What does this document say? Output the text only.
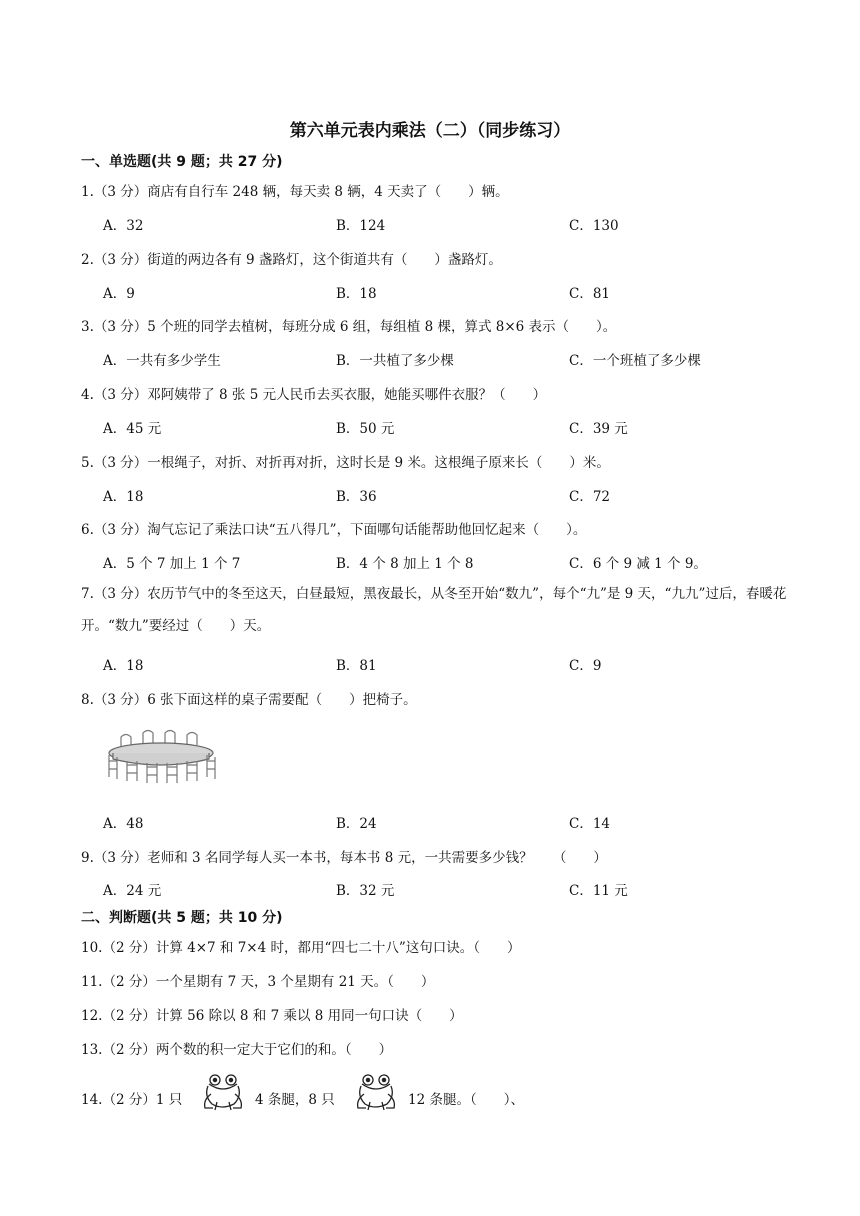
第六单元表内乘法（二）（同步练习）
一、单选题(共 9 题；共 27 分)
1.（3 分）商店有自行车 248 辆，每天卖 8 辆，4 天卖了（　　）辆。
A．32	B．124	C．130
2.（3 分）街道的两边各有 9 盏路灯，这个街道共有（　　）盏路灯。
A．9	B．18	C．81
3.（3 分）5 个班的同学去植树，每班分成 6 组，每组植 8 棵，算式 8×6 表示（　　）。
A．一共有多少学生	B．一共植了多少棵	C．一个班植了多少棵
4.（3 分）邓阿姨带了 8 张 5 元人民币去买衣服，她能买哪件衣服？（　　）
A．45 元	B．50 元	C．39 元
5.（3 分）一根绳子，对折、对折再对折，这时长是 9 米。这根绳子原来长（　　）米。
A．18	B．36	C．72
6.（3 分）淘气忘记了乘法口诀“五八得几”，下面哪句话能帮助他回忆起来（　　）。
A．5 个 7 加上 1 个 7	B．4 个 8 加上 1 个 8	C．6 个 9 减 1 个 9。
7.（3 分）农历节气中的冬至这天，白昼最短，黑夜最长，从冬至开始“数九”，每个“九”是 9 天，“九九”过后，春暖花开。“数九”要经过（　　）天。
A．18	B．81	C．9
8.（3 分）6 张下面这样的桌子需要配（　　）把椅子。
A．48	B．24	C．14
9.（3 分）老师和 3 名同学每人买一本书，每本书 8 元，一共需要多少钱？　　（　　）
A．24 元	B．32 元	C．11 元
二、判断题(共 5 题；共 10 分)
10.（2 分）计算 4×7 和 7×4 时，都用“四七二十八”这句口诀。（　　）
11.（2 分）一个星期有 7 天，3 个星期有 21 天。（　　）
12.（2 分）计算 56 除以 8 和 7 乘以 8 用同一句口诀（　　）
13.（2 分）两个数的积一定大于它们的和。（　　）
14.（2 分）1 只	4 条腿，8 只	12 条腿。（　　）、
